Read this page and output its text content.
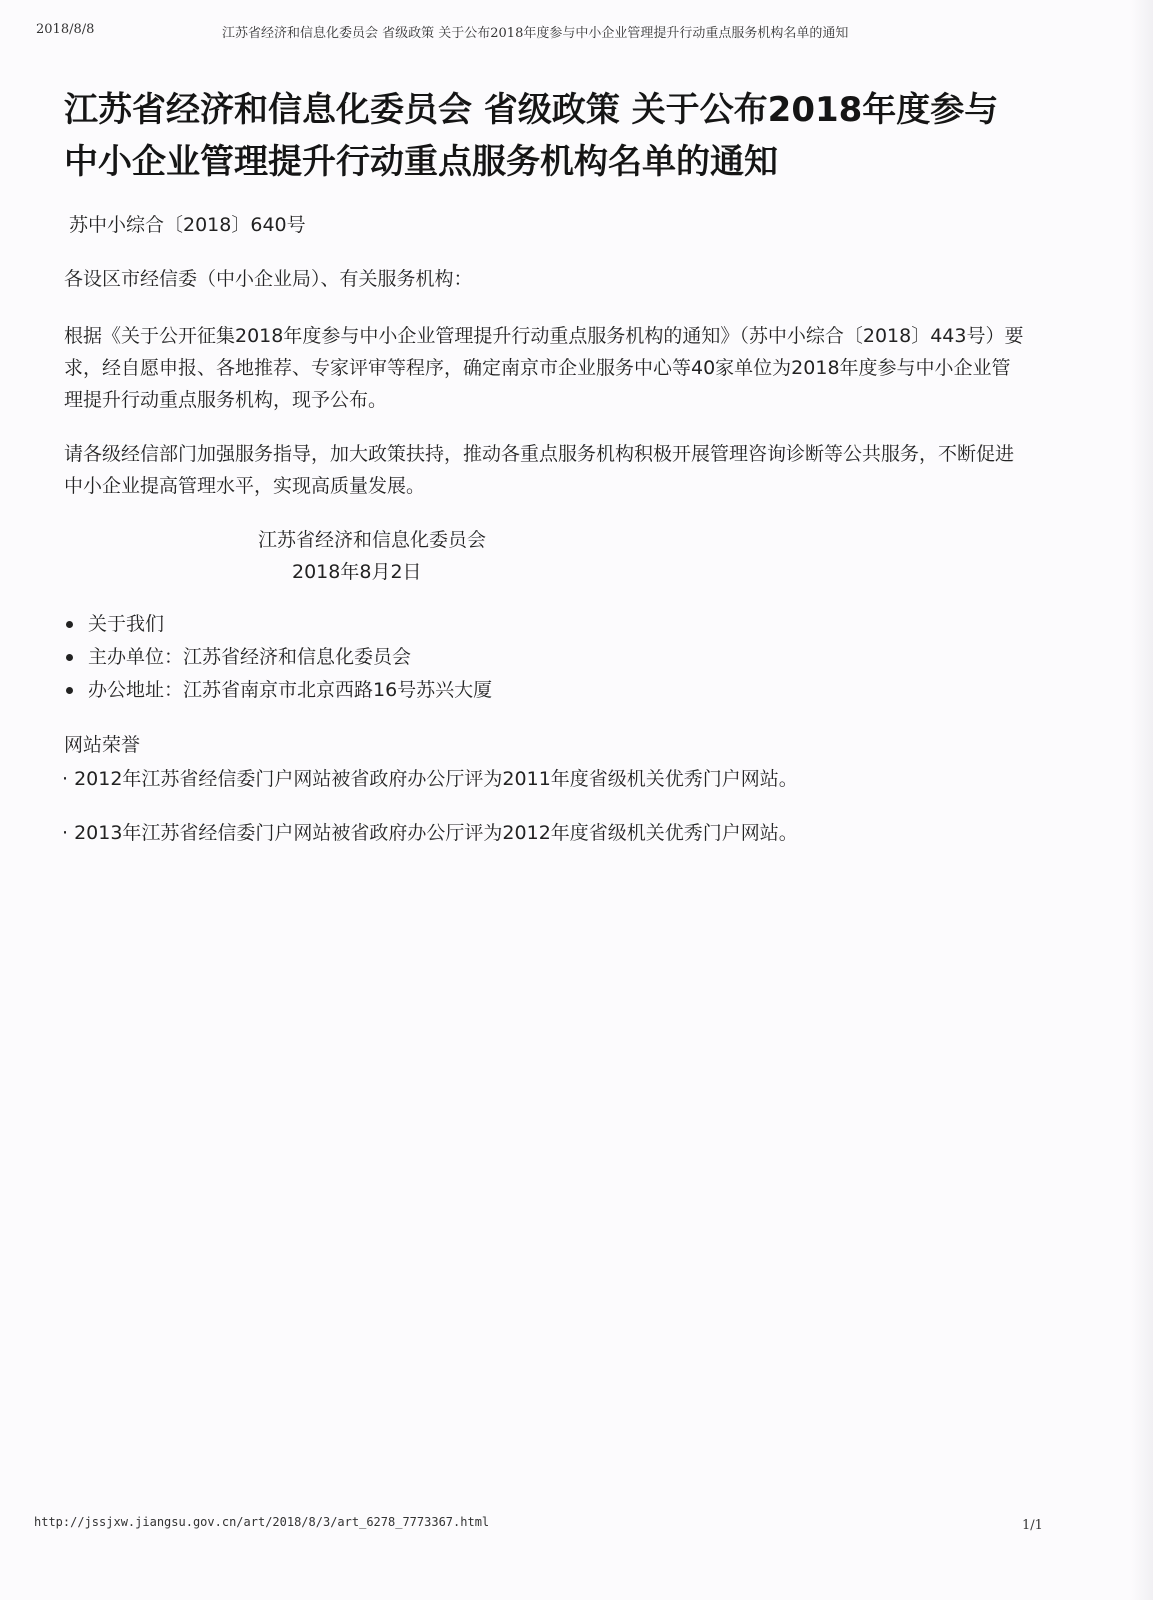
2018/8/8	江苏省经济和信息化委员会 省级政策 关于公布2018年度参与中小企业管理提升行动重点服务机构名单的通知
江苏省经济和信息化委员会 省级政策 关于公布2018年度参与中小企业管理提升行动重点服务机构名单的通知
苏中小综合〔2018〕640号
各设区市经信委（中小企业局）、有关服务机构：

根据《关于公开征集2018年度参与中小企业管理提升行动重点服务机构的通知》（苏中小综合〔2018〕443号）要求，经自愿申报、各地推荐、专家评审等程序，确定南京市企业服务中心等40家单位为2018年度参与中小企业管理提升行动重点服务机构，现予公布。

请各级经信部门加强服务指导，加大政策扶持，推动各重点服务机构积极开展管理咨询诊断等公共服务，不断促进中小企业提高管理水平，实现高质量发展。

江苏省经济和信息化委员会
2018年8月2日
关于我们
主办单位：江苏省经济和信息化委员会
办公地址：江苏省南京市北京西路16号苏兴大厦
网站荣誉
· 2012年江苏省经信委门户网站被省政府办公厅评为2011年度省级机关优秀门户网站。
· 2013年江苏省经信委门户网站被省政府办公厅评为2012年度省级机关优秀门户网站。
http://jssjxw.jiangsu.gov.cn/art/2018/8/3/art_6278_7773367.html	1/1
